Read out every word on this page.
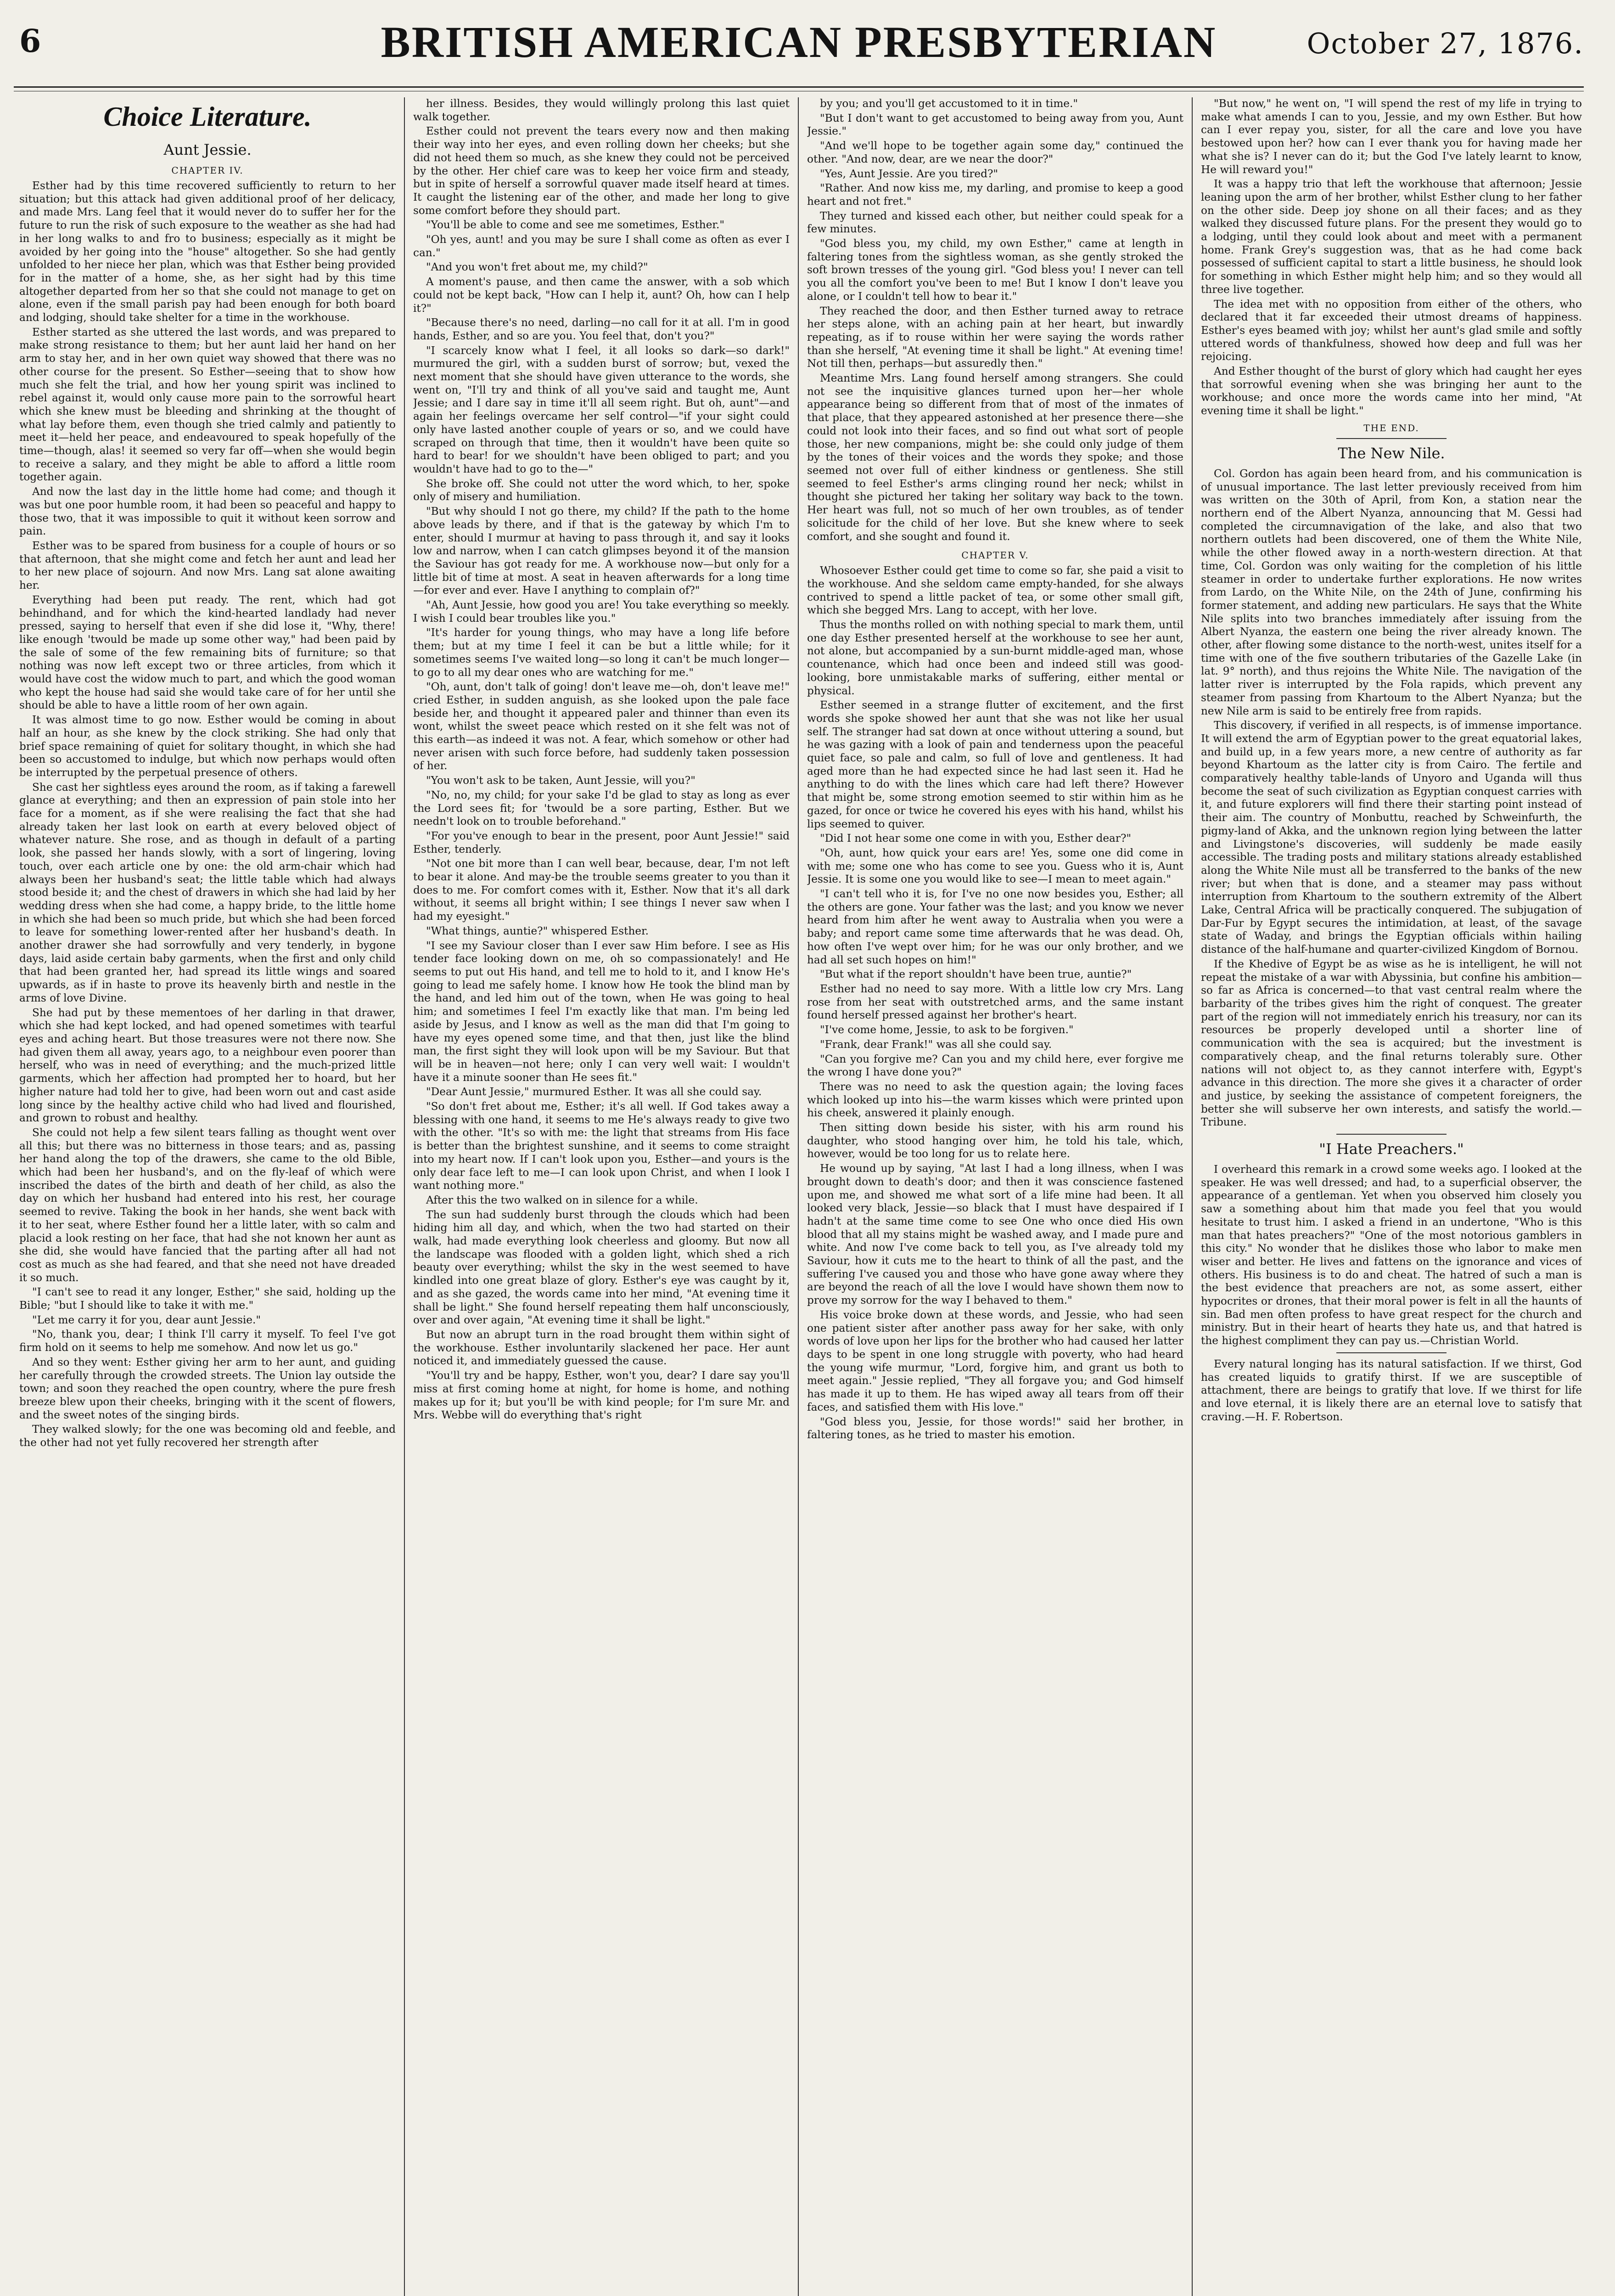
6	BRITISH AMERICAN PRESBYTERIAN	October 27, 1876.
Choice Literature.
Aunt Jessie.
CHAPTER IV.

Esther had by this time recovered sufficiently to return to her situation; but this attack had given additional proof of her delicacy, and made Mrs. Lang feel that it would never do to suffer her for the future to run the risk of such exposure to the weather as she had had in her long walks to and fro to business; especially as it might be avoided by her going into the "house" altogether. So she had gently unfolded to her niece her plan, which was that Esther being provided for in the matter of a home, she, as her sight had by this time altogether departed from her so that she could not manage to get on alone, even if the small parish pay had been enough for both board and lodging, should take shelter for a time in the workhouse.

Esther started as she uttered the last words, and was prepared to make strong resistance to them; but her aunt laid her hand on her arm to stay her, and in her own quiet way showed that there was no other course for the present. So Esther—seeing that to show how much she felt the trial, and how her young spirit was inclined to rebel against it, would only cause more pain to the sorrowful heart which she knew must be bleeding and shrinking at the thought of what lay before them, even though she tried calmly and patiently to meet it—held her peace, and endeavoured to speak hopefully of the time—though, alas! it seemed so very far off—when she would begin to receive a salary, and they might be able to afford a little room together again.

And now the last day in the little home had come; and though it was but one poor humble room, it had been so peaceful and happy to those two, that it was impossible to quit it without keen sorrow and pain.

Esther was to be spared from business for a couple of hours or so that afternoon, that she might come and fetch her aunt and lead her to her new place of sojourn. And now Mrs. Lang sat alone awaiting her.

Everything had been put ready. The rent, which had got behindhand, and for which the kind-hearted landlady had never pressed, saying to herself that even if she did lose it, "Why, there! like enough 'twould be made up some other way," had been paid by the sale of some of the few remaining bits of furniture; so that nothing was now left except two or three articles, from which it would have cost the widow much to part, and which the good woman who kept the house had said she would take care of for her until she should be able to have a little room of her own again.

It was almost time to go now. Esther would be coming in about half an hour, as she knew by the clock striking. She had only that brief space remaining of quiet for solitary thought, in which she had been so accustomed to indulge, but which now perhaps would often be interrupted by the perpetual presence of others.

She cast her sightless eyes around the room, as if taking a farewell glance at everything; and then an expression of pain stole into her face for a moment, as if she were realising the fact that she had already taken her last look on earth at every beloved object of whatever nature. She rose, and as though in default of a parting look, she passed her hands slowly, with a sort of lingering, loving touch, over each article one by one: the old arm-chair which had always been her husband's seat; the little table which had always stood beside it; and the chest of drawers in which she had laid by her wedding dress when she had come, a happy bride, to the little home in which she had been so much pride, but which she had been forced to leave for something lower-rented after her husband's death. In another drawer she had sorrowfully and very tenderly, in bygone days, laid aside certain baby garments, when the first and only child that had been granted her, had spread its little wings and soared upwards, as if in haste to prove its heavenly birth and nestle in the arms of love Divine.

She had put by these mementoes of her darling in that drawer, which she had kept locked, and had opened sometimes with tearful eyes and aching heart. But those treasures were not there now. She had given them all away, years ago, to a neighbour even poorer than herself, who was in need of everything; and the much-prized little garments, which her affection had prompted her to hoard, but her higher nature had told her to give, had been worn out and cast aside long since by the healthy active child who had lived and flourished, and grown to robust and healthy.

She could not help a few silent tears falling as thought went over all this; but there was no bitterness in those tears; and as, passing her hand along the top of the drawers, she came to the old Bible, which had been her husband's, and on the fly-leaf of which were inscribed the dates of the birth and death of her child, as also the day on which her husband had entered into his rest, her courage seemed to revive. Taking the book in her hands, she went back with it to her seat, where Esther found her a little later, with so calm and placid a look resting on her face, that had she not known her aunt as she did, she would have fancied that the parting after all had not cost as much as she had feared, and that she need not have dreaded it so much.

"I can't see to read it any longer, Esther," she said, holding up the Bible; "but I should like to take it with me."

"Let me carry it for you, dear aunt Jessie."

"No, thank you, dear; I think I'll carry it myself. To feel I've got firm hold on it seems to help me somehow. And now let us go."

And so they went: Esther giving her arm to her aunt, and guiding her carefully through the crowded streets. The Union lay outside the town; and soon they reached the open country, where the pure fresh breeze blew upon their cheeks, bringing with it the scent of flowers, and the sweet notes of the singing birds.

They walked slowly; for the one was becoming old and feeble, and the other had not yet fully recovered her strength after

her illness. Besides, they would willingly prolong this last quiet walk together.

Esther could not prevent the tears every now and then making their way into her eyes, and even rolling down her cheeks; but she did not heed them so much, as she knew they could not be perceived by the other. Her chief care was to keep her voice firm and steady, but in spite of herself a sorrowful quaver made itself heard at times. It caught the listening ear of the other, and made her long to give some comfort before they should part.

"You'll be able to come and see me sometimes, Esther."

"Oh yes, aunt! and you may be sure I shall come as often as ever I can."

"And you won't fret about me, my child?"

A moment's pause, and then came the answer, with a sob which could not be kept back, "How can I help it, aunt? Oh, how can I help it?"

"Because there's no need, darling—no call for it at all. I'm in good hands, Esther, and so are you. You feel that, don't you?"

"I scarcely know what I feel, it all looks so dark—so dark!" murmured the girl, with a sudden burst of sorrow; but, vexed the next moment that she should have given utterance to the words, she went on, "I'll try and think of all you've said and taught me, Aunt Jessie; and I dare say in time it'll all seem right. But oh, aunt"—and again her feelings overcame her self control—"if your sight could only have lasted another couple of years or so, and we could have scraped on through that time, then it wouldn't have been quite so hard to bear! for we shouldn't have been obliged to part; and you wouldn't have had to go to the—"

She broke off. She could not utter the word which, to her, spoke only of misery and humiliation.

"But why should I not go there, my child? If the path to the home above leads by there, and if that is the gateway by which I'm to enter, should I murmur at having to pass through it, and say it looks low and narrow, when I can catch glimpses beyond it of the mansion the Saviour has got ready for me. A workhouse now—but only for a little bit of time at most. A seat in heaven afterwards for a long time—for ever and ever. Have I anything to complain of?"

"Ah, Aunt Jessie, how good you are! You take everything so meekly. I wish I could bear troubles like you."

"It's harder for young things, who may have a long life before them; but at my time I feel it can be but a little while; for it sometimes seems I've waited long—so long it can't be much longer—to go to all my dear ones who are watching for me."

"Oh, aunt, don't talk of going! don't leave me—oh, don't leave me!" cried Esther, in sudden anguish, as she looked upon the pale face beside her, and thought it appeared paler and thinner than even its wont, whilst the sweet peace which rested on it she felt was not of this earth—as indeed it was not. A fear, which somehow or other had never arisen with such force before, had suddenly taken possession of her.

"You won't ask to be taken, Aunt Jessie, will you?"

"No, no, my child; for your sake I'd be glad to stay as long as ever the Lord sees fit; for 'twould be a sore parting, Esther. But we needn't look on to trouble beforehand."

"For you've enough to bear in the present, poor Aunt Jessie!" said Esther, tenderly.

"Not one bit more than I can well bear, because, dear, I'm not left to bear it alone. And may-be the trouble seems greater to you than it does to me. For comfort comes with it, Esther. Now that it's all dark without, it seems all bright within; I see things I never saw when I had my eyesight."

"What things, auntie?" whispered Esther.

"I see my Saviour closer than I ever saw Him before. I see as His tender face looking down on me, oh so compassionately! and He seems to put out His hand, and tell me to hold to it, and I know He's going to lead me safely home. I know how He took the blind man by the hand, and led him out of the town, when He was going to heal him; and sometimes I feel I'm exactly like that man. I'm being led aside by Jesus, and I know as well as the man did that I'm going to have my eyes opened some time, and that then, just like the blind man, the first sight they will look upon will be my Saviour. But that will be in heaven—not here; only I can very well wait: I wouldn't have it a minute sooner than He sees fit."

"Dear Aunt Jessie," murmured Esther. It was all she could say.

"So don't fret about me, Esther; it's all well. If God takes away a blessing with one hand, it seems to me He's always ready to give two with the other. "It's so with me: the light that streams from His face is better than the brightest sunshine, and it seems to come straight into my heart now. If I can't look upon you, Esther—and yours is the only dear face left to me—I can look upon Christ, and when I look I want nothing more."

After this the two walked on in silence for a while.

The sun had suddenly burst through the clouds which had been hiding him all day, and which, when the two had started on their walk, had made everything look cheerless and gloomy. But now all the landscape was flooded with a golden light, which shed a rich beauty over everything; whilst the sky in the west seemed to have kindled into one great blaze of glory. Esther's eye was caught by it, and as she gazed, the words came into her mind, "At evening time it shall be light." She found herself repeating them half unconsciously, over and over again, "At evening time it shall be light."

But now an abrupt turn in the road brought them within sight of the workhouse. Esther involuntarily slackened her pace. Her aunt noticed it, and immediately guessed the cause.

"You'll try and be happy, Esther, won't you, dear? I dare say you'll miss at first coming home at night, for home is home, and nothing makes up for it; but you'll be with kind people; for I'm sure Mr. and Mrs. Webbe will do everything that's right

by you; and you'll get accustomed to it in time."

"But I don't want to get accustomed to being away from you, Aunt Jessie."

"And we'll hope to be together again some day," continued the other. "And now, dear, are we near the door?"

"Yes, Aunt Jessie. Are you tired?"

"Rather. And now kiss me, my darling, and promise to keep a good heart and not fret."

They turned and kissed each other, but neither could speak for a few minutes.

"God bless you, my child, my own Esther," came at length in faltering tones from the sightless woman, as she gently stroked the soft brown tresses of the young girl. "God bless you! I never can tell you all the comfort you've been to me! But I know I don't leave you alone, or I couldn't tell how to bear it."

They reached the door, and then Esther turned away to retrace her steps alone, with an aching pain at her heart, but inwardly repeating, as if to rouse within her were saying the words rather than she herself, "At evening time it shall be light." At evening time! Not till then, perhaps—but assuredly then."

Meantime Mrs. Lang found herself among strangers. She could not see the inquisitive glances turned upon her—her whole appearance being so different from that of most of the inmates of that place, that they appeared astonished at her presence there—she could not look into their faces, and so find out what sort of people those, her new companions, might be: she could only judge of them by the tones of their voices and the words they spoke; and those seemed not over full of either kindness or gentleness. She still seemed to feel Esther's arms clinging round her neck; whilst in thought she pictured her taking her solitary way back to the town. Her heart was full, not so much of her own troubles, as of tender solicitude for the child of her love. But she knew where to seek comfort, and she sought and found it.

CHAPTER V.

Whosoever Esther could get time to come so far, she paid a visit to the workhouse. And she seldom came empty-handed, for she always contrived to spend a little packet of tea, or some other small gift, which she begged Mrs. Lang to accept, with her love.

Thus the months rolled on with nothing special to mark them, until one day Esther presented herself at the workhouse to see her aunt, not alone, but accompanied by a sun-burnt middle-aged man, whose countenance, which had once been and indeed still was good-looking, bore unmistakable marks of suffering, either mental or physical.

Esther seemed in a strange flutter of excitement, and the first words she spoke showed her aunt that she was not like her usual self. The stranger had sat down at once without uttering a sound, but he was gazing with a look of pain and tenderness upon the peaceful quiet face, so pale and calm, so full of love and gentleness. It had aged more than he had expected since he had last seen it. Had he anything to do with the lines which care had left there? However that might be, some strong emotion seemed to stir within him as he gazed, for once or twice he covered his eyes with his hand, whilst his lips seemed to quiver.

"Did I not hear some one come in with you, Esther dear?"

"Oh, aunt, how quick your ears are! Yes, some one did come in with me; some one who has come to see you. Guess who it is, Aunt Jessie. It is some one you would like to see—I mean to meet again."

"I can't tell who it is, for I've no one now besides you, Esther; all the others are gone. Your father was the last; and you know we never heard from him after he went away to Australia when you were a baby; and report came some time afterwards that he was dead. Oh, how often I've wept over him; for he was our only brother, and we had all set such hopes on him!"

"But what if the report shouldn't have been true, auntie?"

Esther had no need to say more. With a little low cry Mrs. Lang rose from her seat with outstretched arms, and the same instant found herself pressed against her brother's heart.

"I've come home, Jessie, to ask to be forgiven."

"Frank, dear Frank!" was all she could say.

"Can you forgive me? Can you and my child here, ever forgive me the wrong I have done you?"

There was no need to ask the question again; the loving faces which looked up into his—the warm kisses which were printed upon his cheek, answered it plainly enough.

Then sitting down beside his sister, with his arm round his daughter, who stood hanging over him, he told his tale, which, however, would be too long for us to relate here.

He wound up by saying, "At last I had a long illness, when I was brought down to death's door; and then it was conscience fastened upon me, and showed me what sort of a life mine had been. It all looked very black, Jessie—so black that I must have despaired if I hadn't at the same time come to see One who once died His own blood that all my stains might be washed away, and I made pure and white. And now I've come back to tell you, as I've already told my Saviour, how it cuts me to the heart to think of all the past, and the suffering I've caused you and those who have gone away where they are beyond the reach of all the love I would have shown them now to prove my sorrow for the way I behaved to them."

His voice broke down at these words, and Jessie, who had seen one patient sister after another pass away for her sake, with only words of love upon her lips for the brother who had caused her latter days to be spent in one long struggle with poverty, who had heard the young wife murmur, "Lord, forgive him, and grant us both to meet again." Jessie replied, "They all forgave you; and God himself has made it up to them. He has wiped away all tears from off their faces, and satisfied them with His love."

"God bless you, Jessie, for those words!" said her brother, in faltering tones, as he tried to master his emotion.

"But now," he went on, "I will spend the rest of my life in trying to make what amends I can to you, Jessie, and my own Esther. But how can I ever repay you, sister, for all the care and love you have bestowed upon her? how can I ever thank you for having made her what she is? I never can do it; but the God I've lately learnt to know, He will reward you!"

It was a happy trio that left the workhouse that afternoon; Jessie leaning upon the arm of her brother, whilst Esther clung to her father on the other side. Deep joy shone on all their faces; and as they walked they discussed future plans. For the present they would go to a lodging, until they could look about and meet with a permanent home. Frank Grey's suggestion was, that as he had come back possessed of sufficient capital to start a little business, he should look for something in which Esther might help him; and so they would all three live together.

The idea met with no opposition from either of the others, who declared that it far exceeded their utmost dreams of happiness. Esther's eyes beamed with joy; whilst her aunt's glad smile and softly uttered words of thankfulness, showed how deep and full was her rejoicing.

And Esther thought of the burst of glory which had caught her eyes that sorrowful evening when she was bringing her aunt to the workhouse; and once more the words came into her mind, "At evening time it shall be light."

THE END.
The New Nile.

Col. Gordon has again been heard from, and his communication is of unusual importance. The last letter previously received from him was written on the 30th of April, from Kon, a station near the northern end of the Albert Nyanza, announcing that M. Gessi had completed the circumnavigation of the lake, and also that two northern outlets had been discovered, one of them the White Nile, while the other flowed away in a north-western direction. At that time, Col. Gordon was only waiting for the completion of his little steamer in order to undertake further explorations. He now writes from Lardo, on the White Nile, on the 24th of June, confirming his former statement, and adding new particulars. He says that the White Nile splits into two branches immediately after issuing from the Albert Nyanza, the eastern one being the river already known. The other, after flowing some distance to the north-west, unites itself for a time with one of the five southern tributaries of the Gazelle Lake (in lat. 9° north), and thus rejoins the White Nile. The navigation of the latter river is interrupted by the Fola rapids, which prevent any steamer from passing from Khartoum to the Albert Nyanza; but the new Nile arm is said to be entirely free from rapids.

This discovery, if verified in all respects, is of immense importance. It will extend the arm of Egyptian power to the great equatorial lakes, and build up, in a few years more, a new centre of authority as far beyond Khartoum as the latter city is from Cairo. The fertile and comparatively healthy table-lands of Unyoro and Uganda will thus become the seat of such civilization as Egyptian conquest carries with it, and future explorers will find there their starting point instead of their aim. The country of Monbuttu, reached by Schweinfurth, the pigmy-land of Akka, and the unknown region lying between the latter and Livingstone's discoveries, will suddenly be made easily accessible. The trading posts and military stations already established along the White Nile must all be transferred to the banks of the new river; but when that is done, and a steamer may pass without interruption from Khartoum to the southern extremity of the Albert Lake, Central Africa will be practically conquered. The subjugation of Dar-Fur by Egypt secures the intimidation, at least, of the savage state of Waday, and brings the Egyptian officials within hailing distance of the half-humane and quarter-civilized Kingdom of Bornou.

If the Khedive of Egypt be as wise as he is intelligent, he will not repeat the mistake of a war with Abyssinia, but confine his ambition—so far as Africa is concerned—to that vast central realm where the barbarity of the tribes gives him the right of conquest. The greater part of the region will not immediately enrich his treasury, nor can its resources be properly developed until a shorter line of communication with the sea is acquired; but the investment is comparatively cheap, and the final returns tolerably sure. Other nations will not object to, as they cannot interfere with, Egypt's advance in this direction. The more she gives it a character of order and justice, by seeking the assistance of competent foreigners, the better she will subserve her own interests, and satisfy the world.—Tribune.

"I Hate Preachers."

I overheard this remark in a crowd some weeks ago. I looked at the speaker. He was well dressed; and had, to a superficial observer, the appearance of a gentleman. Yet when you observed him closely you saw a something about him that made you feel that you would hesitate to trust him. I asked a friend in an undertone, "Who is this man that hates preachers?" "One of the most notorious gamblers in this city." No wonder that he dislikes those who labor to make men wiser and better. He lives and fattens on the ignorance and vices of others. His business is to do and cheat. The hatred of such a man is the best evidence that preachers are not, as some assert, either hypocrites or drones, that their moral power is felt in all the haunts of sin. Bad men often profess to have great respect for the church and ministry. But in their heart of hearts they hate us, and that hatred is the highest compliment they can pay us.—Christian World.

Every natural longing has its natural satisfaction. If we thirst, God has created liquids to gratify thirst. If we are susceptible of attachment, there are beings to gratify that love. If we thirst for life and love eternal, it is likely there are an eternal love to satisfy that craving.—H. F. Robertson.
